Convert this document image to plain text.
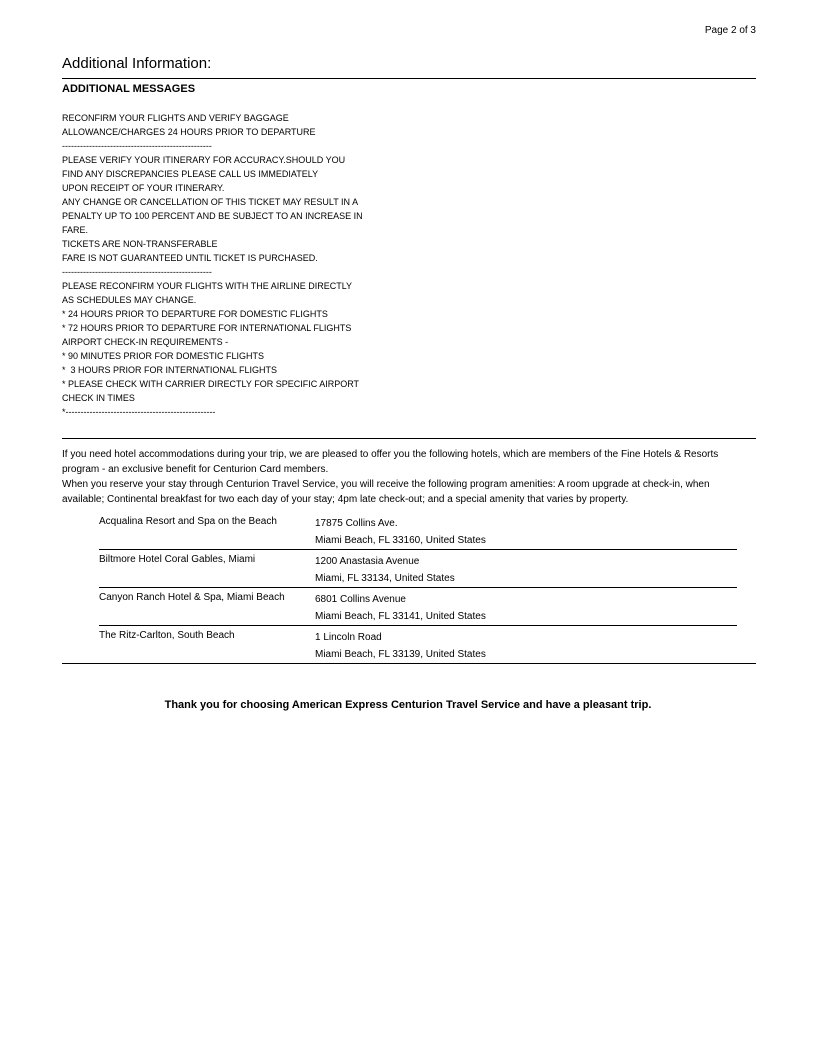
Page 2 of 3
Additional Information:
ADDITIONAL MESSAGES
RECONFIRM YOUR FLIGHTS AND VERIFY BAGGAGE
ALLOWANCE/CHARGES 24 HOURS PRIOR TO DEPARTURE
--------------------------------------------------
PLEASE VERIFY YOUR ITINERARY FOR ACCURACY.SHOULD YOU
FIND ANY DISCREPANCIES PLEASE CALL US IMMEDIATELY
UPON RECEIPT OF YOUR ITINERARY.
ANY CHANGE OR CANCELLATION OF THIS TICKET MAY RESULT IN A
PENALTY UP TO 100 PERCENT AND BE SUBJECT TO AN INCREASE IN
FARE.
TICKETS ARE NON-TRANSFERABLE
FARE IS NOT GUARANTEED UNTIL TICKET IS PURCHASED.
--------------------------------------------------
PLEASE RECONFIRM YOUR FLIGHTS WITH THE AIRLINE DIRECTLY
AS SCHEDULES MAY CHANGE.
* 24 HOURS PRIOR TO DEPARTURE FOR DOMESTIC FLIGHTS
* 72 HOURS PRIOR TO DEPARTURE FOR INTERNATIONAL FLIGHTS
AIRPORT CHECK-IN REQUIREMENTS -
* 90 MINUTES PRIOR FOR DOMESTIC FLIGHTS
*  3 HOURS PRIOR FOR INTERNATIONAL FLIGHTS
* PLEASE CHECK WITH CARRIER DIRECTLY FOR SPECIFIC AIRPORT
CHECK IN TIMES
*--------------------------------------------------

If you need hotel accommodations during your trip, we are pleased to offer you the following hotels, which are members of the Fine Hotels & Resorts program - an exclusive benefit for Centurion Card members.

When you reserve your stay through Centurion Travel Service, you will receive the following program amenities: A room upgrade at check-in, when available; Continental breakfast for two each day of your stay; 4pm late check-out; and a special amenity that varies by property.

Acqualina Resort and Spa on the Beach	17875 Collins Ave.
Miami Beach, FL 33160, United States
Biltmore Hotel Coral Gables, Miami	1200 Anastasia Avenue
Miami, FL 33134, United States
Canyon Ranch Hotel & Spa, Miami Beach	6801 Collins Avenue
Miami Beach, FL 33141, United States
The Ritz-Carlton, South Beach	1 Lincoln Road
Miami Beach, FL 33139, United States
Thank you for choosing American Express Centurion Travel Service and have a pleasant trip.
